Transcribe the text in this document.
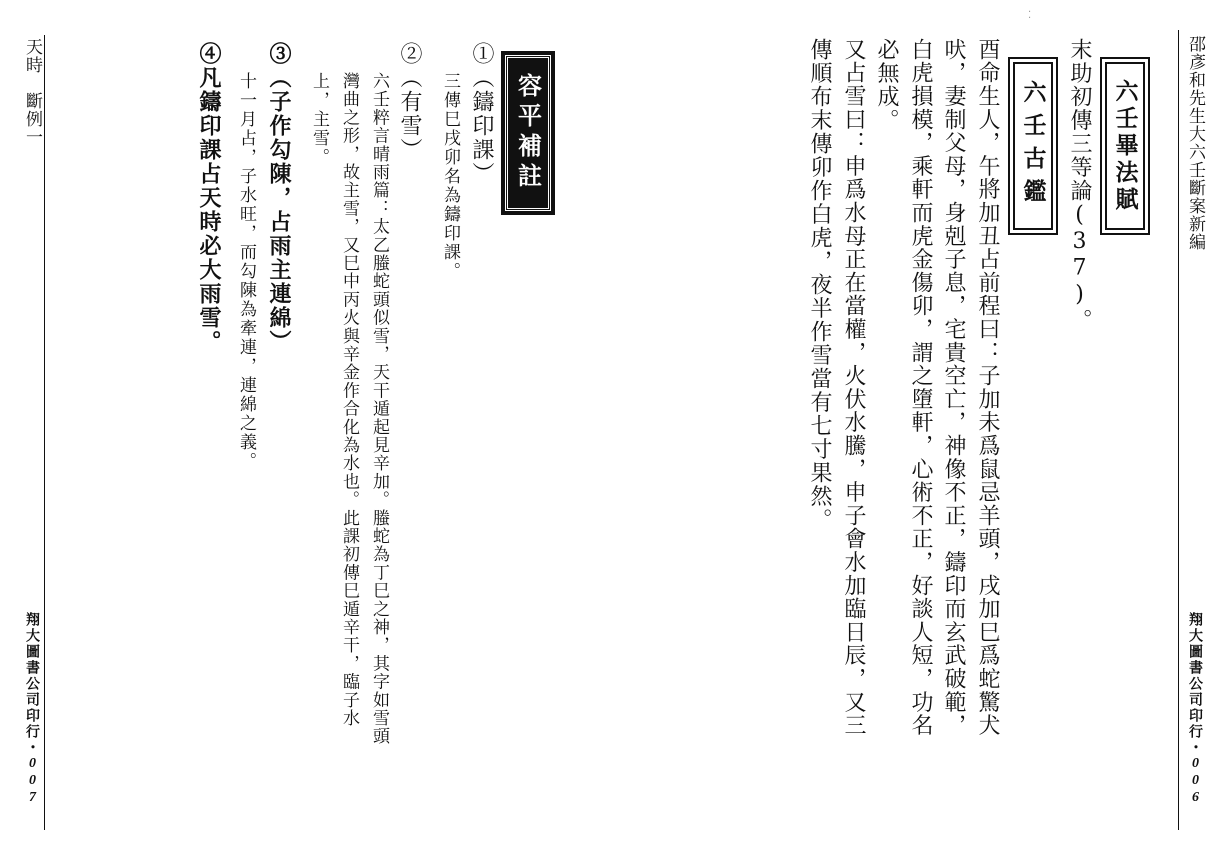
邵彥和先生大六壬斷案新編
翔大圖書公司印行・006
⁚
六壬畢法賦
六壬古鑑 末助初傳三等論(37)。
酉命生人，午將加丑占前程曰：子加未爲鼠忌羊頭，戌加巳爲蛇驚犬
吠，妻制父母，身剋子息，宅貴空亡，神像不正，鑄印而玄武破範，
白虎損模，乘軒而虎金傷卯，謂之墮軒，心術不正，好談人短，功名
必無成。
又占雪曰：申爲水母正在當權，火伏水騰，申子會水加臨日辰，又三
傳順布末傳卯作白虎，夜半作雪當有七寸果然。
天時　斷例一
翔大圖書公司印行・007
容平補註
①（鑄印課）
三傳巳戌卯名為鑄印課。
②（有雪）
六壬粹言晴雨篇：太乙螣蛇頭似雪，天干遁起見辛加。螣蛇為丁巳之神，其字如雪頭
灣曲之形，故主雪，又巳中丙火與辛金作合化為水也。此課初傳巳遁辛干，臨子水
上，主雪。
③（子作勾陳，占雨主連綿）
十一月占，子水旺，而勾陳為牽連，連綿之義。
④凡鑄印課占天時必大雨雪。
